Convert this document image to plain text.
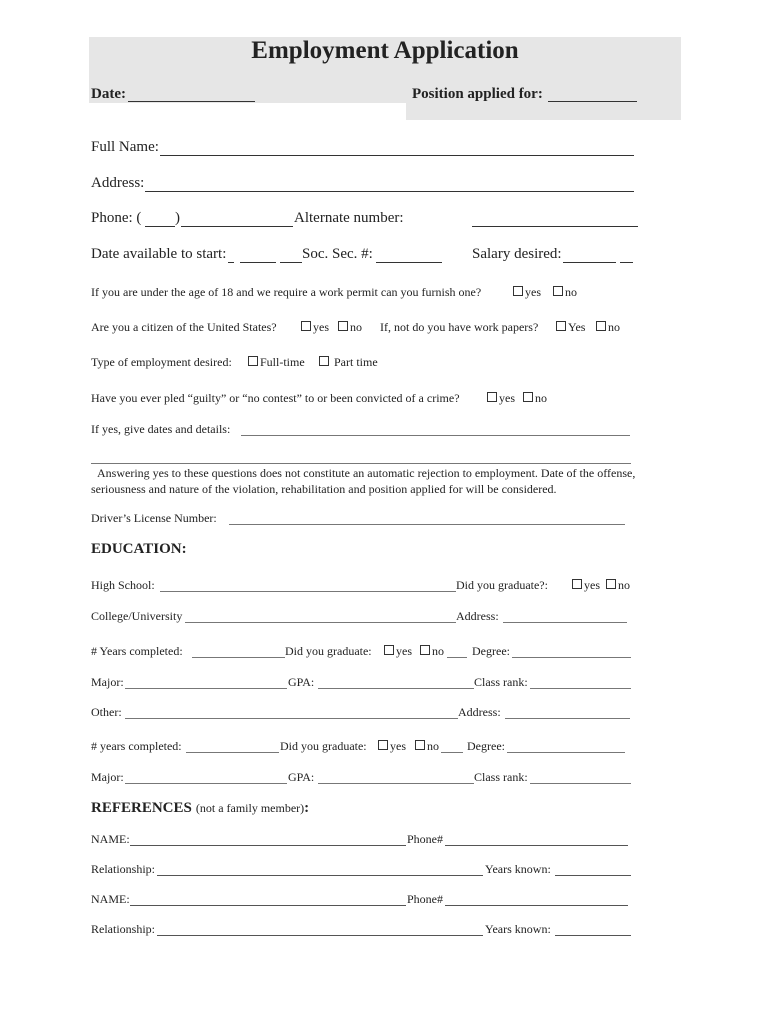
Employment Application
Date:	Position applied for:
Full Name:
Address:
Phone: ( )	Alternate number:
Date available to start:	Soc. Sec. #:	Salary desired:
If you are under the age of 18 and we require a work permit can you furnish one?	yes	no
Are you a citizen of the United States?	yes	no If, not do you have work papers?	Yes	no
Type of employment desired:	Full-time	Part time
Have you ever pled “guilty” or “no contest” to or been convicted of a crime?	yes	no
If yes, give dates and details:
Answering yes to these questions does not constitute an automatic rejection to employment. Date of the offense,
seriousness and nature of the violation, rehabilitation and position applied for will be considered.
Driver’s License Number:
EDUCATION:
High School:	Did you graduate?:	yes	no
College/University	Address:
# Years completed:	Did you graduate:	yes	no Degree:
Major:	GPA:	Class rank:
Other:	Address:
# years completed:	Did you graduate:	yes	no Degree:
Major:	GPA:	Class rank:
REFERENCES (not a family member):
NAME:	Phone#
Relationship:	Years known:
NAME:	Phone#
Relationship:	Years known:
